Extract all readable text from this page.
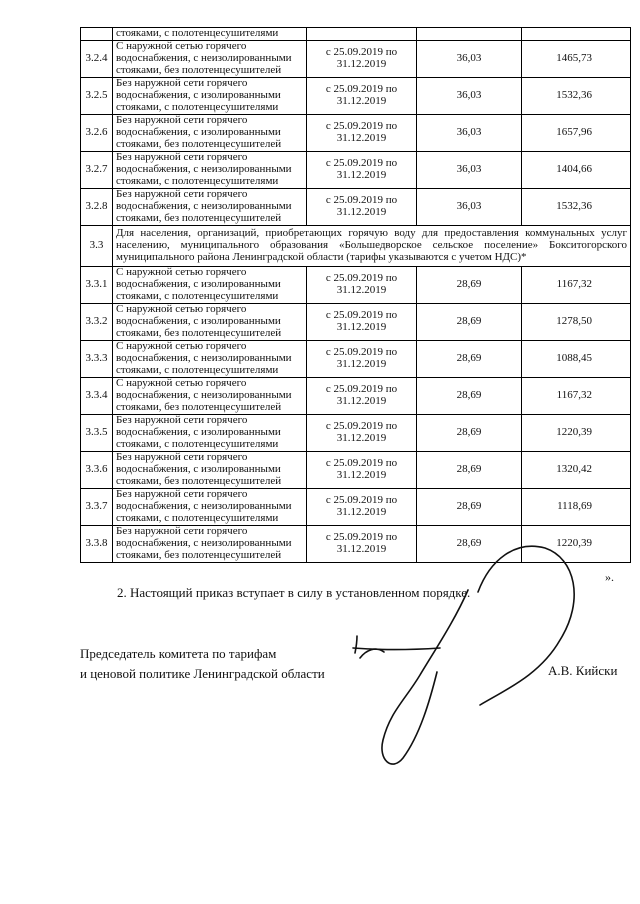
	стояками, с полотенцесушителями			
3.2.4	С наружной сетью горячего водоснабжения, с неизолированными стояками, без полотенцесушителей	с 25.09.2019 по 31.12.2019	36,03	1465,73
3.2.5	Без наружной сети горячего водоснабжения, с изолированными стояками, с полотенцесушителями	с 25.09.2019 по 31.12.2019	36,03	1532,36
3.2.6	Без наружной сети горячего водоснабжения, с изолированными стояками, без полотенцесушителей	с 25.09.2019 по 31.12.2019	36,03	1657,96
3.2.7	Без наружной сети горячего водоснабжения, с неизолированными стояками, с полотенцесушителями	с 25.09.2019 по 31.12.2019	36,03	1404,66
3.2.8	Без наружной сети горячего водоснабжения, с неизолированными стояками, без полотенцесушителей	с 25.09.2019 по 31.12.2019	36,03	1532,36
3.3	Для населения, организаций, приобретающих горячую воду для предоставления коммунальных услуг населению, муниципального образования «Большедворское сельское поселение» Бокситогорского муниципального района Ленинградской области (тарифы указываются с учетом НДС)*			
3.3.1	С наружной сетью горячего водоснабжения, с изолированными стояками, с полотенцесушителями	с 25.09.2019 по 31.12.2019	28,69	1167,32
3.3.2	С наружной сетью горячего водоснабжения, с изолированными стояками, без полотенцесушителей	с 25.09.2019 по 31.12.2019	28,69	1278,50
3.3.3	С наружной сетью горячего водоснабжения, с неизолированными стояками, с полотенцесушителями	с 25.09.2019 по 31.12.2019	28,69	1088,45
3.3.4	С наружной сетью горячего водоснабжения, с неизолированными стояками, без полотенцесушителей	с 25.09.2019 по 31.12.2019	28,69	1167,32
3.3.5	Без наружной сети горячего водоснабжения, с изолированными стояками, с полотенцесушителями	с 25.09.2019 по 31.12.2019	28,69	1220,39
3.3.6	Без наружной сети горячего водоснабжения, с изолированными стояками, без полотенцесушителей	с 25.09.2019 по 31.12.2019	28,69	1320,42
3.3.7	Без наружной сети горячего водоснабжения, с неизолированными стояками, с полотенцесушителями	с 25.09.2019 по 31.12.2019	28,69	1118,69
3.3.8	Без наружной сети горячего водоснабжения, с неизолированными стояками, без полотенцесушителей	с 25.09.2019 по 31.12.2019	28,69	1220,39
».
2. Настоящий приказ вступает в силу в установленном порядке.
Председатель комитета по тарифам
и ценовой политике Ленинградской области	А.В. Кийски
